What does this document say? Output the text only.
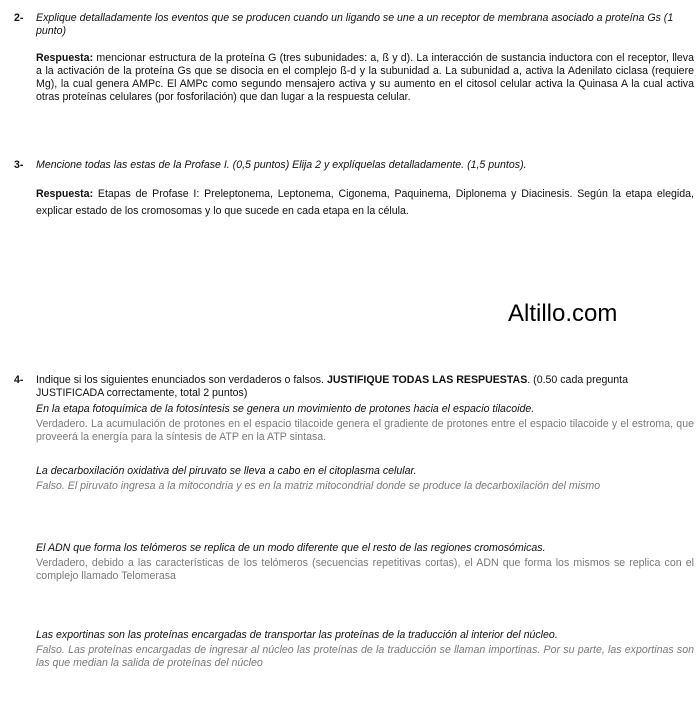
2- Explique detalladamente los eventos que se producen cuando un ligando se une a un receptor de membrana asociado a proteína Gs (1 punto)
Respuesta: mencionar estructura de la proteína G (tres subunidades: a, ß y d). La interacción de sustancia inductora con el receptor, lleva a la activación de la proteína Gs que se disocia en el complejo ß-d y la subunidad a. La subunidad a, activa la Adenilato ciclasa (requiere Mg), la cual genera AMPc. El AMPc como segundo mensajero activa y su aumento en el citosol celular activa la Quinasa A la cual activa otras proteínas celulares (por fosforilación) que dan lugar a la respuesta celular.
3- Mencione todas las estas de la Profase I. (0,5 puntos) Elija 2 y explíquelas detalladamente. (1,5 puntos).
Respuesta: Etapas de Profase I: Preleptonema, Leptonema, Cigonema, Paquinema, Diplonema y Diacinesis. Según la etapa elegida, explicar estado de los cromosomas y lo que sucede en cada etapa en la célula.
Altillo.com
4- Indique si los siguientes enunciados son verdaderos o falsos. JUSTIFIQUE TODAS LAS RESPUESTAS. (0.50 cada pregunta JUSTIFICADA correctamente, total 2 puntos)
En la etapa fotoquímica de la fotosíntesis se genera un movimiento de protones hacia el espacio tilacoide.
Verdadero. La acumulación de protones en el espacio tilacoide genera el gradiente de protones entre el espacio tilacoide y el estroma, que proveerá la energía para la síntesis de ATP en la ATP sintasa.
La decarboxilación oxidativa del piruvato se lleva a cabo en el citoplasma celular.
Falso. El piruvato ingresa a la mitocondria y es en la matriz mitocondrial donde se produce la decarboxilación del mismo
El ADN que forma los telómeros se replica de un modo diferente que el resto de las regiones cromosómicas.
Verdadero, debido a las características de los telómeros (secuencias repetitivas cortas), el ADN que forma los mismos se replica con el complejo llamado Telomerasa
Las exportinas son las proteínas encargadas de transportar las proteínas de la traducción al interior del núcleo.
Falso. Las proteínas encargadas de ingresar al núcleo las proteínas de la traducción se llaman importinas. Por su parte, las exportinas son las que median la salida de proteínas del núcleo
